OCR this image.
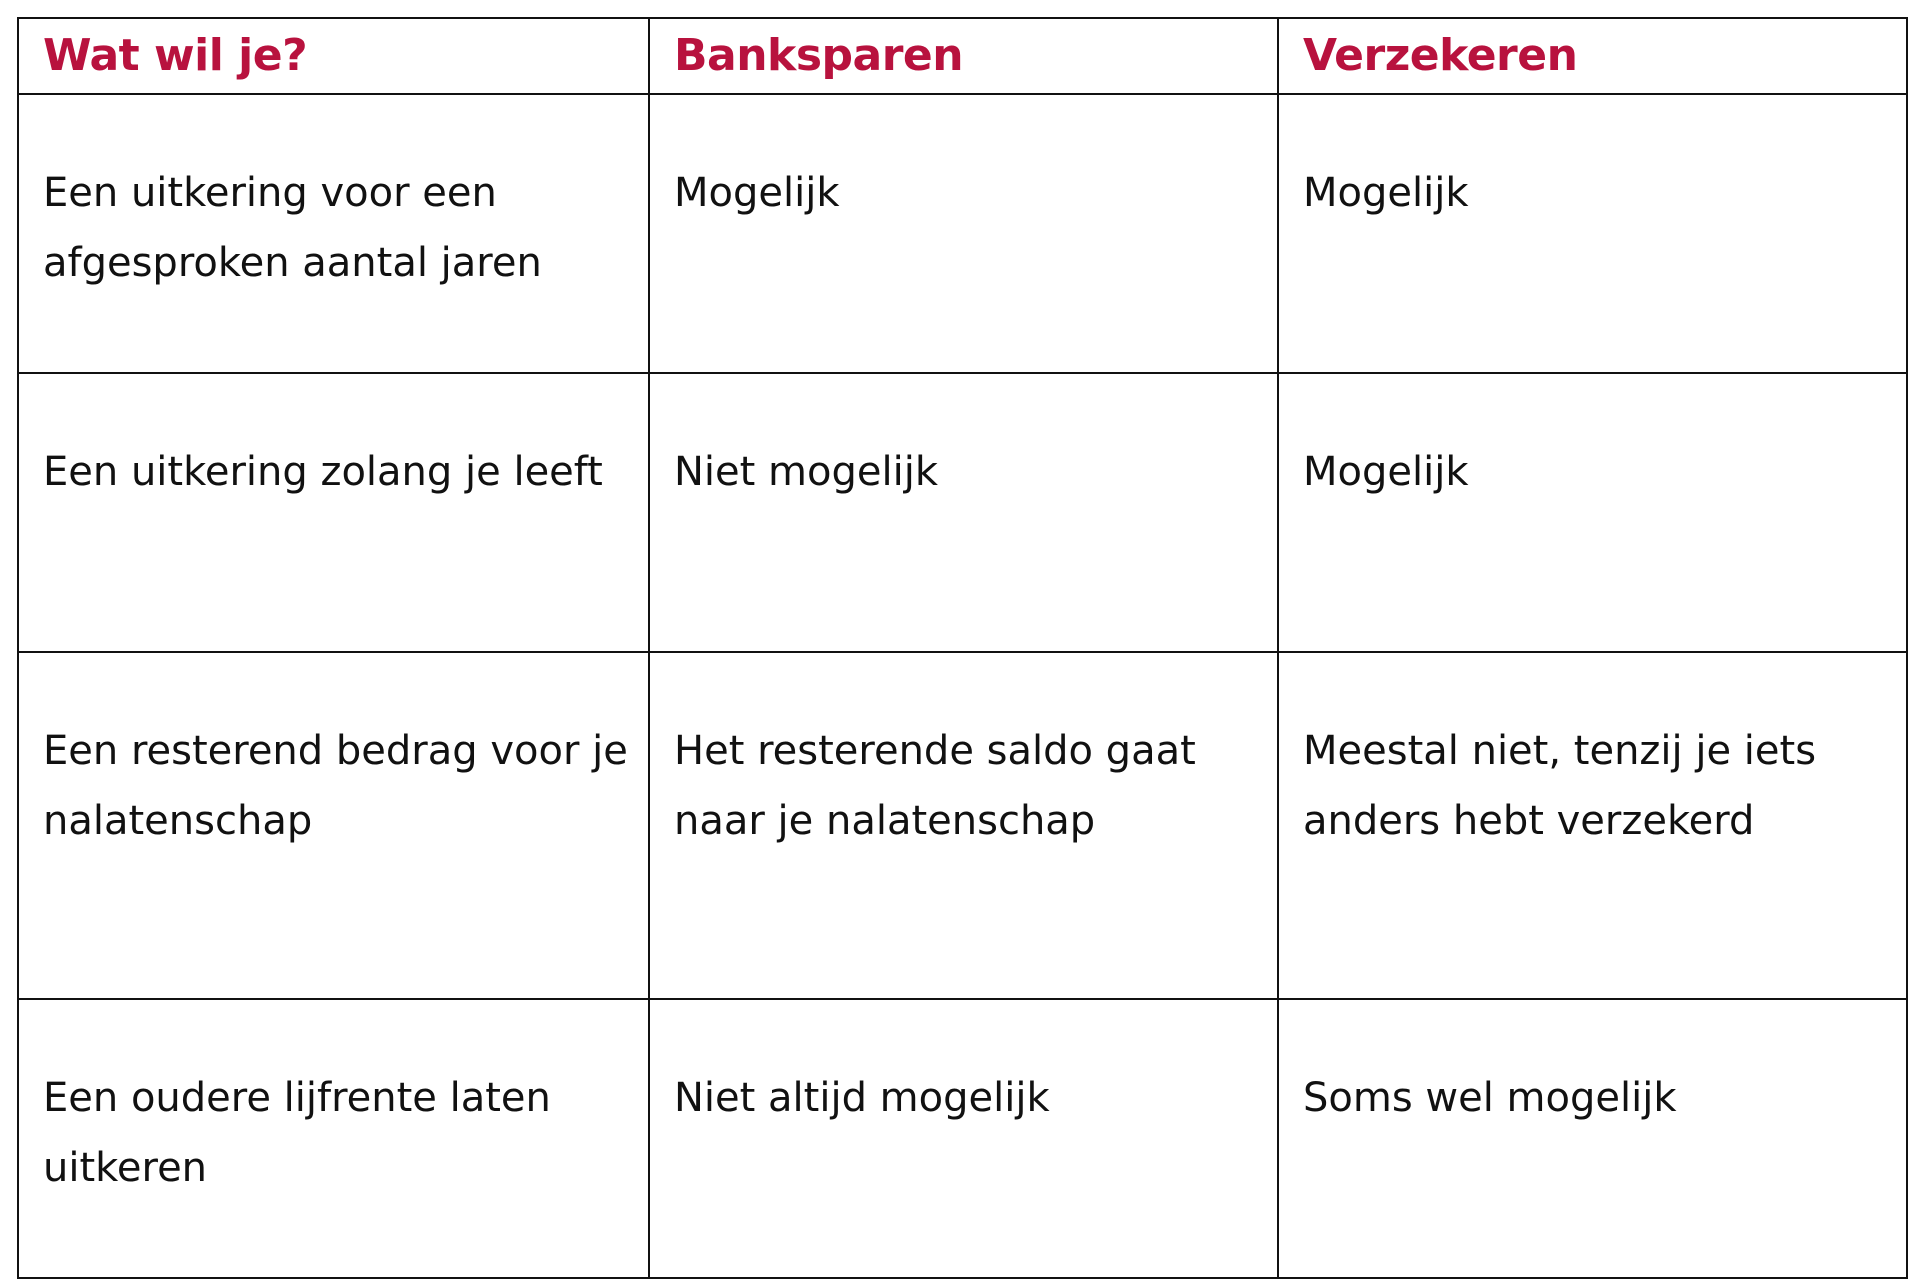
Wat wil je?	Banksparen	Verzekeren
Een uitkering voor een afgesproken aantal jaren	Mogelijk	Mogelijk
Een uitkering zolang je leeft	Niet mogelijk	Mogelijk
Een resterend bedrag voor je nalatenschap	Het resterende saldo gaat naar je nalatenschap	Meestal niet, tenzij je iets anders hebt verzekerd
Een oudere lijfrente laten uitkeren	Niet altijd mogelijk	Soms wel mogelijk
